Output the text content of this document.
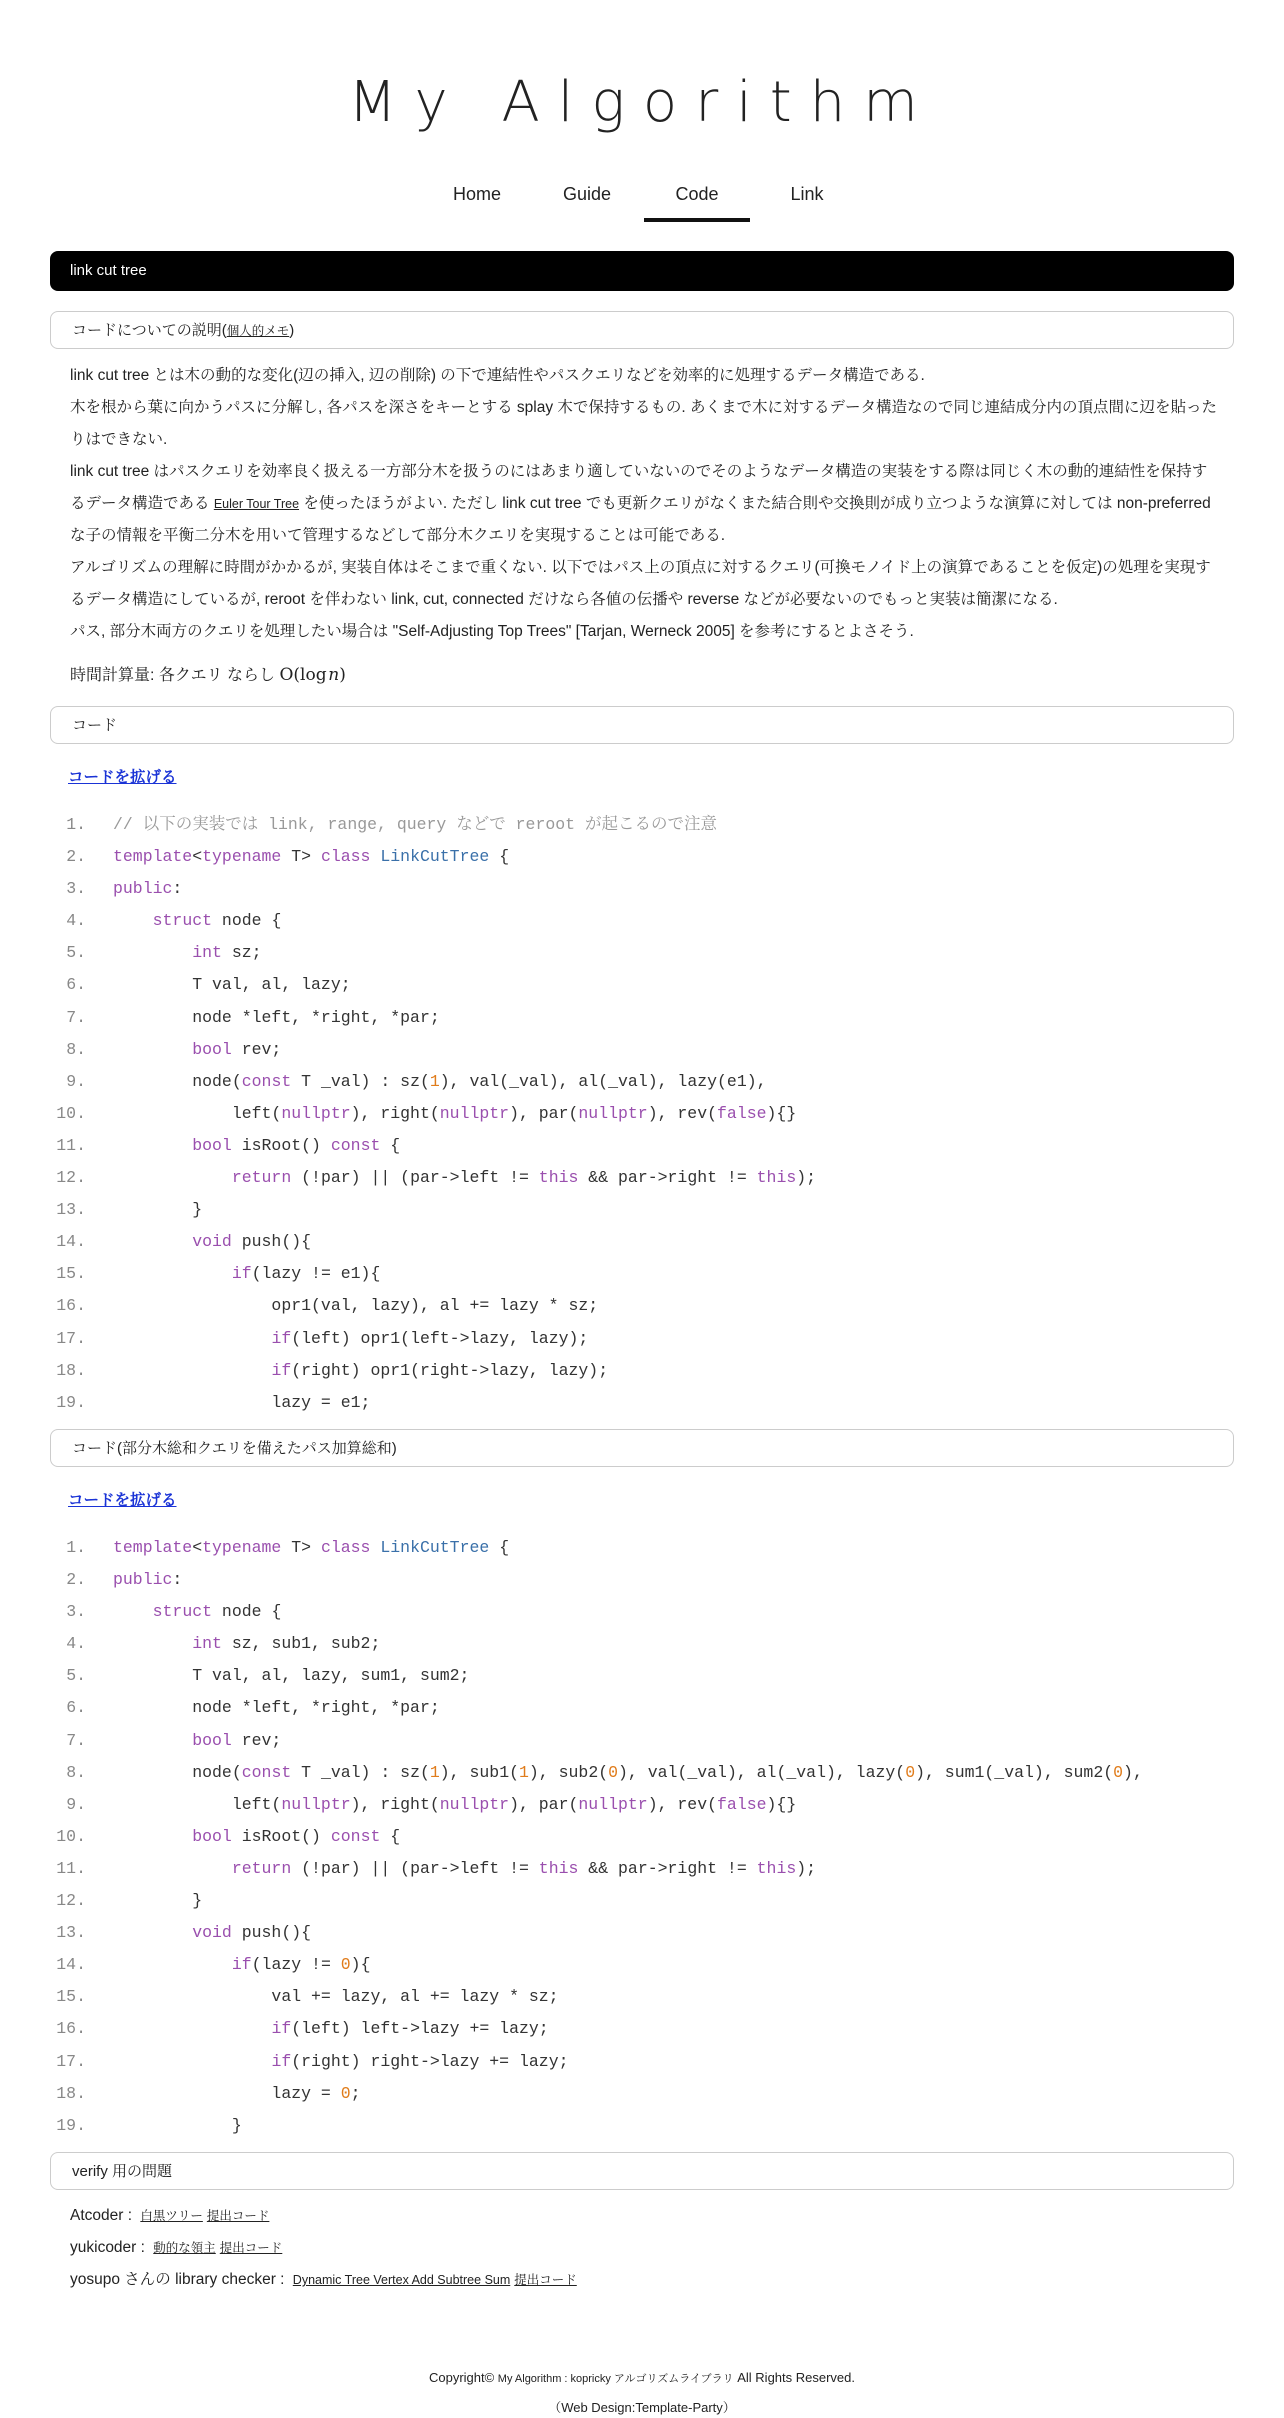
My Algorithm
Home	Guide	Code	Link
link cut tree
コードについての説明(個人的メモ)

link cut tree とは木の動的な変化(辺の挿入, 辺の削除) の下で連結性やパスクエリなどを効率的に処理するデータ構造である.

木を根から葉に向かうパスに分解し, 各パスを深さをキーとする splay 木で保持するもの. あくまで木に対するデータ構造なので同じ連結成分内の頂点間に辺を貼ったりはできない.

link cut tree はパスクエリを効率良く扱える一方部分木を扱うのにはあまり適していないのでそのようなデータ構造の実装をする際は同じく木の動的連結性を保持するデータ構造である Euler Tour Tree を使ったほうがよい. ただし link cut tree でも更新クエリがなくまた結合則や交換則が成り立つような演算に対しては non-preferred な子の情報を平衡二分木を用いて管理するなどして部分木クエリを実現することは可能である.

アルゴリズムの理解に時間がかかるが, 実装自体はそこまで重くない. 以下ではパス上の頂点に対するクエリ(可換モノイド上の演算であることを仮定)の処理を実現するデータ構造にしているが, reroot を伴わない link, cut, connected だけなら各値の伝播や reverse などが必要ないのでもっと実装は簡潔になる.

パス, 部分木両方のクエリを処理したい場合は "Self-Adjusting Top Trees" [Tarjan, Werneck 2005] を参考にするとよさそう.

時間計算量: 各クエリ ならし O(log n)
コード
コードを拡げる
1. // 以下の実装では link, range, query などで reroot が起こるので注意
2. template<typename T> class LinkCutTree {
3. public:
4.	struct node {
5.	int sz;
6. T val, al, lazy;
7. node *left, *right, *par;
8.	bool rev;
9. node(const T _val) : sz(1), val(_val), al(_val), lazy(e1),
10. left(nullptr), right(nullptr), par(nullptr), rev(false){}
11.	bool isRoot() const {
12.	return (!par) || (par->left != this && par->right != this);
13. }
14.	void push(){
15.	if(lazy != e1){
16. opr1(val, lazy), al += lazy * sz;
17.	if(left) opr1(left->lazy, lazy);
18.	if(right) opr1(right->lazy, lazy);
19. lazy = e1;
コード(部分木総和クエリを備えたパス加算総和)
コードを拡げる
1. template<typename T> class LinkCutTree {
2. public:
3.	struct node {
4.	int sz, sub1, sub2;
5. T val, al, lazy, sum1, sum2;
6. node *left, *right, *par;
7.	bool rev;
8. node(const T _val) : sz(1), sub1(1), sub2(0), val(_val), al(_val), lazy(0), sum1(_val), sum2(0),
9. left(nullptr), right(nullptr), par(nullptr), rev(false){}
10.	bool isRoot() const {
11.	return (!par) || (par->left != this && par->right != this);
12. }
13.	void push(){
14.	if(lazy != 0){
15. val += lazy, al += lazy * sz;
16.	if(left) left->lazy += lazy;
17.	if(right) right->lazy += lazy;
18. lazy = 0;
19. }
verify 用の問題

Atcoder : 白黒ツリー 提出コード

yukicoder : 動的な領主 提出コード

yosupo さんの library checker : Dynamic Tree Vertex Add Subtree Sum 提出コード

Copyright© My Algorithm : kopricky アルゴリズムライブラリ All Rights Reserved.
（Web Design:Template-Party）
